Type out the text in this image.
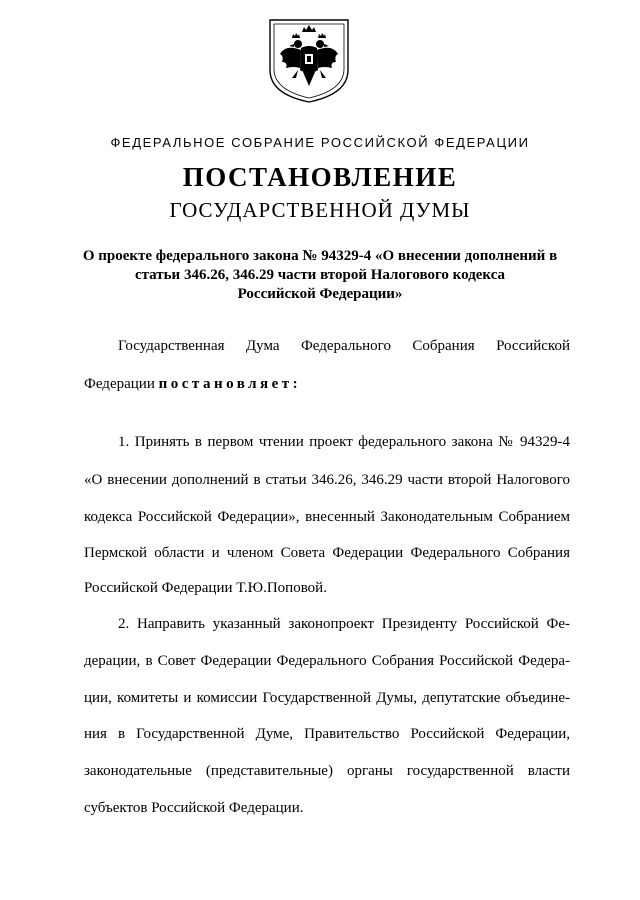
ФЕДЕРАЛЬНОЕ СОБРАНИЕ РОССИЙСКОЙ ФЕДЕРАЦИИ
ПОСТАНОВЛЕНИЕ
ГОСУДАРСТВЕННОЙ ДУМЫ
О проекте федерального закона № 94329-4 «О внесении дополнений в
статьи 346.26, 346.29 части второй Налогового кодекса
Российской Федерации»
Государственная Дума Федерального Собрания Российской
Федерации постановляет:
1. Принять в первом чтении проект федерального закона № 94329-4
«О внесении дополнений в статьи 346.26, 346.29 части второй Налогового
кодекса Российской Федерации», внесенный Законодательным Собранием
Пермской области и членом Совета Федерации Федерального Собрания
Российской Федерации Т.Ю.Поповой.
2. Направить указанный законопроект Президенту Российской Фе-
дерации, в Совет Федерации Федерального Собрания Российской Федера-
ции, комитеты и комиссии Государственной Думы, депутатские объедине-
ния в Государственной Думе, Правительство Российской Федерации,
законодательные (представительные) органы государственной власти
субъектов Российской Федерации.
